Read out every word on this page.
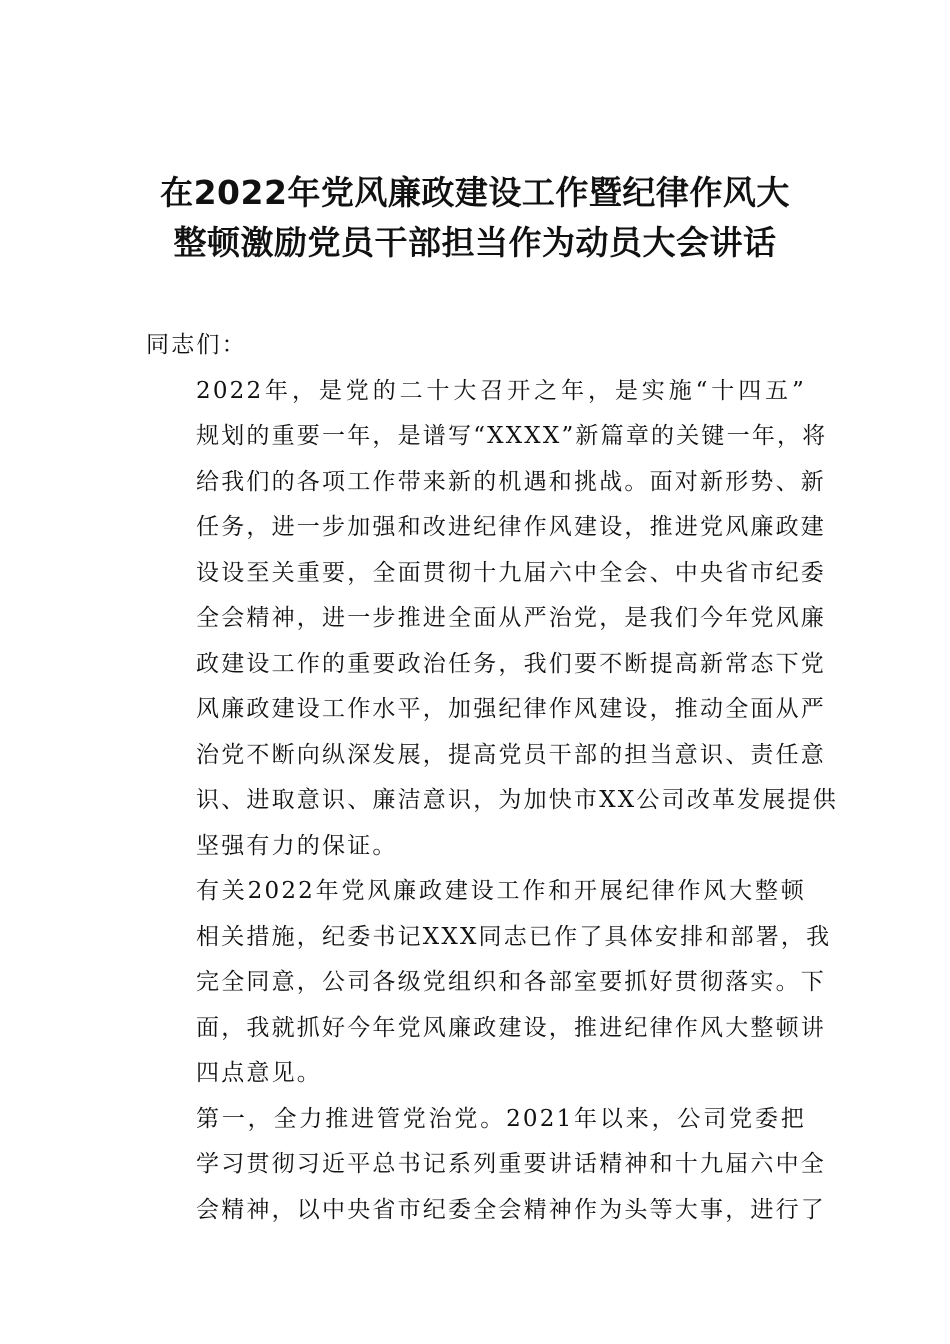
在2022年党风廉政建设工作暨纪律作风大
整顿激励党员干部担当作为动员大会讲话

同志们：

2022年，是党的二十大召开之年，是实施“十四五”
规划的重要一年，是谱写“XXXX”新篇章的关键一年，将
给我们的各项工作带来新的机遇和挑战。面对新形势、新
任务，进一步加强和改进纪律作风建设，推进党风廉政建
设设至关重要，全面贯彻十九届六中全会、中央省市纪委
全会精神，进一步推进全面从严治党，是我们今年党风廉
政建设工作的重要政治任务，我们要不断提高新常态下党
风廉政建设工作水平，加强纪律作风建设，推动全面从严
治党不断向纵深发展，提高党员干部的担当意识、责任意
识、进取意识、廉洁意识，为加快市XX公司改革发展提供
坚强有力的保证。

有关2022年党风廉政建设工作和开展纪律作风大整顿
相关措施，纪委书记XXX同志已作了具体安排和部署，我
完全同意，公司各级党组织和各部室要抓好贯彻落实。下
面，我就抓好今年党风廉政建设，推进纪律作风大整顿讲
四点意见。

第一，全力推进管党治党。2021年以来，公司党委把
学习贯彻习近平总书记系列重要讲话精神和十九届六中全
会精神，以中央省市纪委全会精神作为头等大事，进行了
